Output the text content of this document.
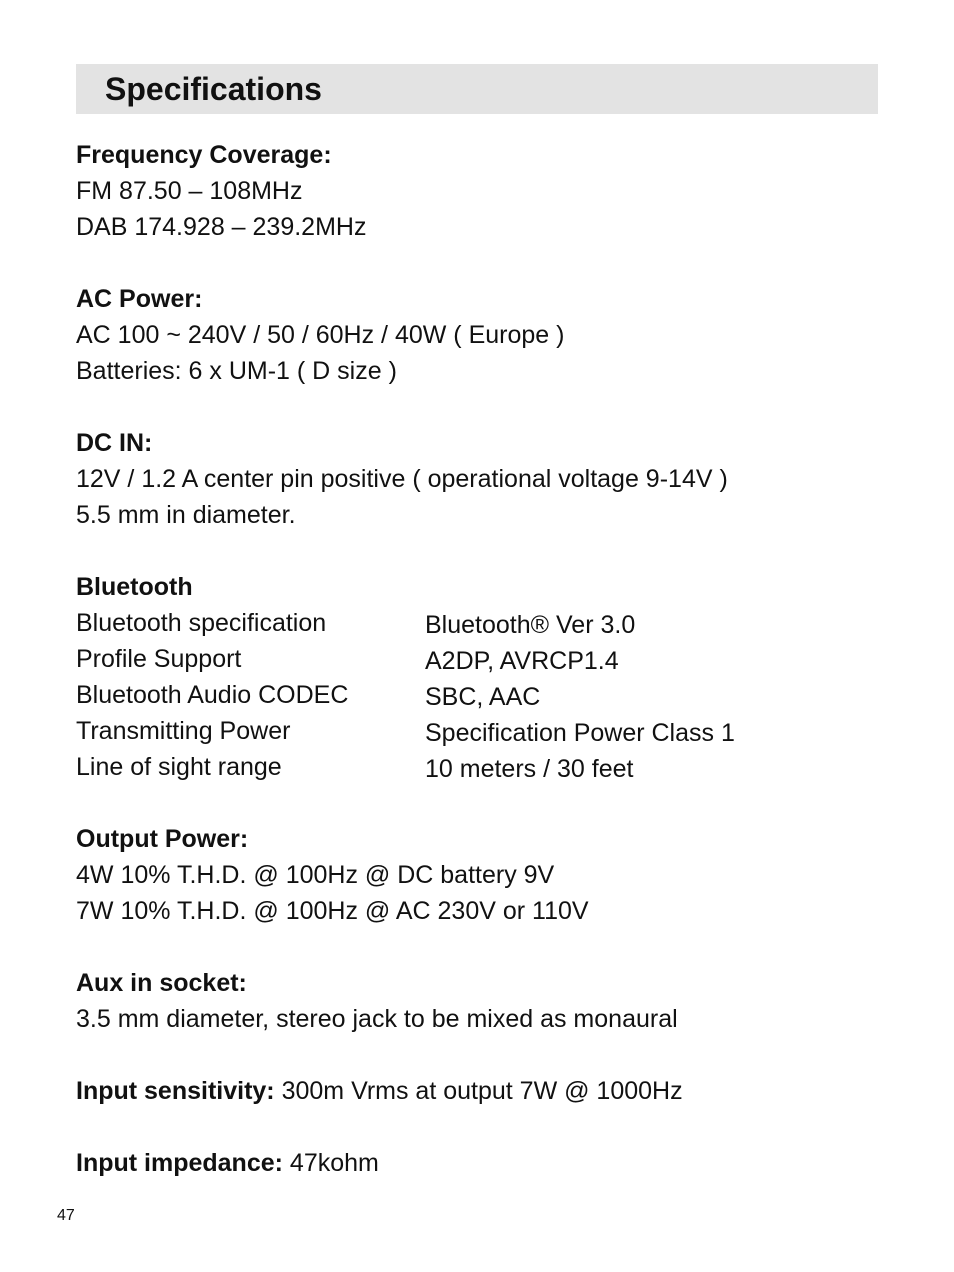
Specifications
Frequency Coverage:
FM 87.50 – 108MHz
DAB 174.928 – 239.2MHz
AC Power:
AC 100 ~ 240V / 50 / 60Hz / 40W ( Europe )
Batteries: 6 x UM-1 ( D size )
DC IN:
12V / 1.2 A center pin positive ( operational voltage 9-14V )
5.5 mm in diameter.
Bluetooth
Bluetooth specification	Bluetooth® Ver 3.0
Profile Support	A2DP, AVRCP1.4
Bluetooth Audio CODEC	SBC, AAC
Transmitting Power	Specification Power Class 1
Line of sight range	10 meters / 30 feet
Output Power:
4W 10% T.H.D. @ 100Hz @ DC battery 9V
7W 10% T.H.D. @ 100Hz @ AC 230V or 110V
Aux in socket:
3.5 mm diameter, stereo jack to be mixed as monaural
Input sensitivity: 300m Vrms at output 7W @ 1000Hz
Input impedance: 47kohm
47
